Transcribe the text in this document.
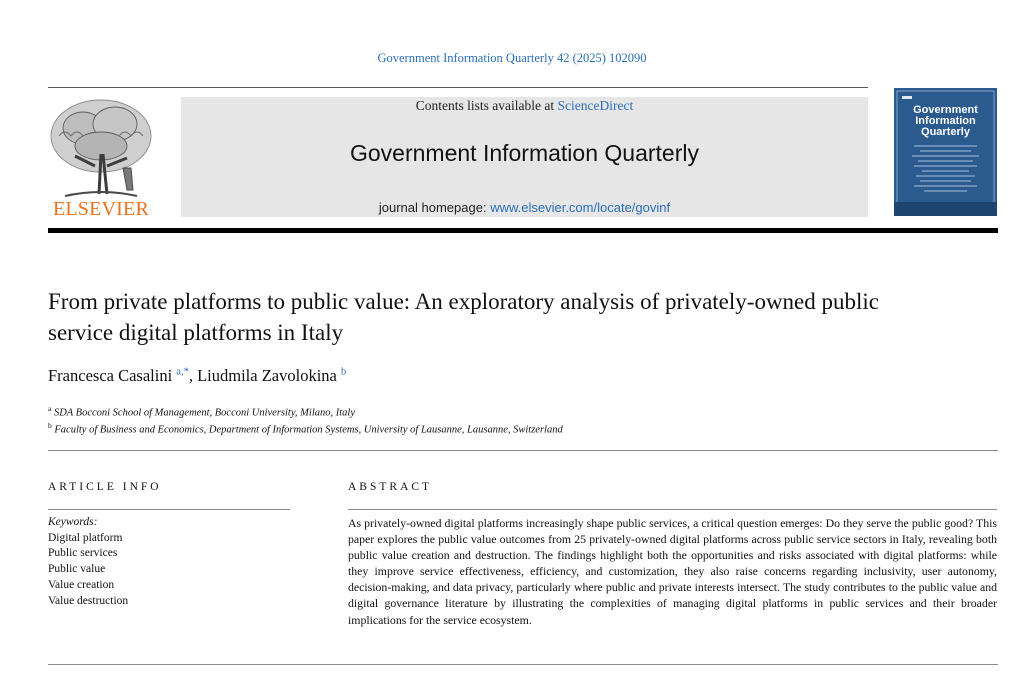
Government Information Quarterly 42 (2025) 102090
ELSEVIER
Contents lists available at ScienceDirect
Government Information Quarterly
journal homepage: www.elsevier.com/locate/govinf
Government Information Quarterly
From private platforms to public value: An exploratory analysis of privately-owned public service digital platforms in Italy
Francesca Casalini $^{a,*}$, Liudmila Zavolokina $^b$
$^a$ SDA Bocconi School of Management, Bocconi University, Milano, Italy
$^b$ Faculty of Business and Economics, Department of Information Systems, University of Lausanne, Lausanne, Switzerland
ARTICLE INFO
Keywords:
Digital platform
Public services
Public value
Value creation
Value destruction
ABSTRACT

As privately-owned digital platforms increasingly shape public services, a critical question emerges: Do they serve the public good? This paper explores the public value outcomes from 25 privately-owned digital platforms across public service sectors in Italy, revealing both public value creation and destruction. The findings highlight both the opportunities and risks associated with digital platforms: while they improve service effectiveness, efficiency, and customization, they also raise concerns regarding inclusivity, user autonomy, decision-making, and data privacy, particularly where public and private interests intersect. The study contributes to the public value and digital governance literature by illustrating the complexities of managing digital platforms in public services and their broader implications for the service ecosystem.
